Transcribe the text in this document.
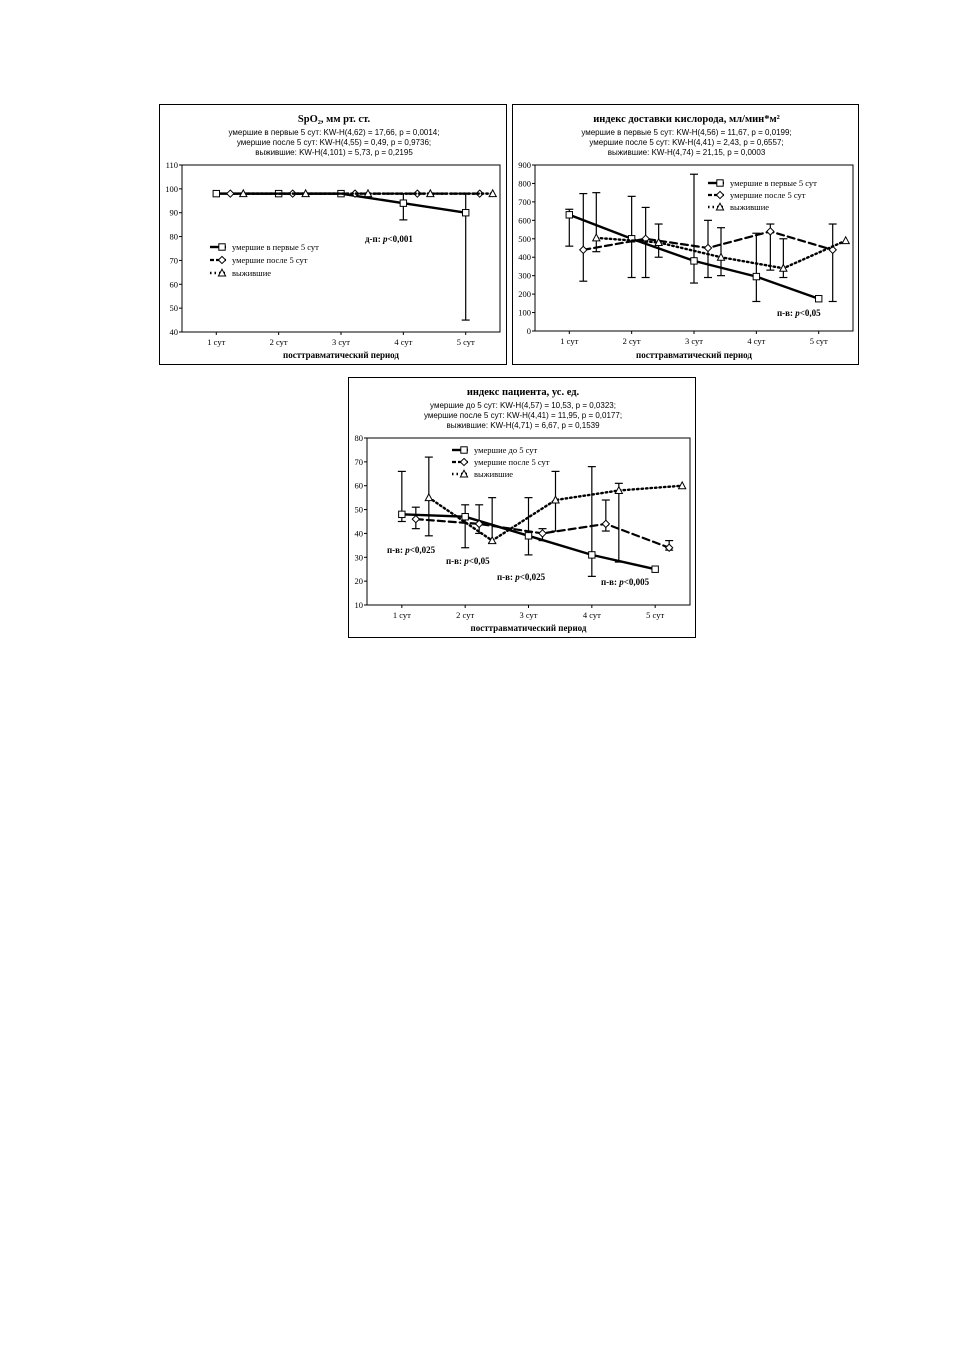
SpO₂, мм рт. ст.
умершие в первые 5 сут: KW-H(4,62) = 17,66, p = 0,0014;
умершие после 5 сут: KW-H(4,55) = 0,49, p = 0,9736;
выжившие: KW-H(4,101) = 5,73, p = 0,2195
40
50
60
70
80
90
100
110
1 сут	2 сут	3 сут	4 сут	5 сут
посттравматический период
умершие в первые 5 сут
умершие после 5 сут
выжившие
д-п: p<0,001
индекс доставки кислорода, мл/мин*м²
умершие в первые 5 сут: KW-H(4,56) = 11,67, p = 0,0199;
умершие после 5 сут: KW-H(4,41) = 2,43, p = 0,6557;
выжившие: KW-H(4,74) = 21,15, p = 0,0003
0
100
200
300
400
500
600
700
800
900
1 сут	2 сут	3 сут	4 сут	5 сут
посттравматический период
умершие в первые 5 сут
умершие после 5 сут
выжившие
п-в: p<0,05
индекс пациента, ус. ед.
умершие до 5 сут: KW-H(4,57) = 10,53, p = 0,0323;
умершие после 5 сут: KW-H(4,41) = 11,95, p = 0,0177;
выжившие: KW-H(4,71) = 6,67, p = 0,1539
10
20
30
40
50
60
70
80
1 сут	2 сут	3 сут	4 сут	5 сут
посттравматический период
умершие до 5 сут
умершие после 5 сут
выжившие
п-в: p<0,025
п-в: p<0,05
п-в: p<0,025	п-в: p<0,005
